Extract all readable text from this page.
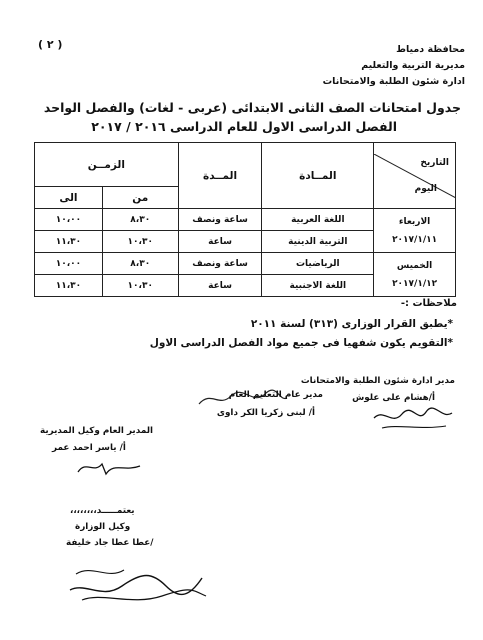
( ٢ )	محافظة دمياط
مديرية التربية والتعليم
ادارة شئون الطلبة والامتحانات
جدول امتحانات الصف الثانى الابتدائى (عربى - لغات) والفصل الواحد
الفصل الدراسى الاول للعام الدراسى ٢٠١٦ / ٢٠١٧
التاريخ
اليوم	المــادة	المــدة	الزمــن	
			من	الى

الاربعاء
٢٠١٧/١/١١	اللغة العربية	ساعة ونصف	٨،٣٠	١٠،٠٠
	التربية الدينية	ساعة	١٠،٣٠	١١،٣٠

الخميس
٢٠١٧/١/١٢	الرياضيات	ساعة ونصف	٨،٣٠	١٠،٠٠
	اللغة الاجنبية	ساعة	١٠،٣٠	١١،٣٠
ملاحظات :-
*يطبق القرار الوزارى (٣١٣) لسنة ٢٠١١
*التقويم يكون شفهيا فى جميع مواد الفصل الدراسى الاول
مدير ادارة شئون الطلبة والامتحانات
أ/هشام على علوش
مدير عام التعليم العام
أ/ لبنى زكريا الكر داوى
المدير العام وكيل المديرية
أ/ ياسر احمد عمر
يعتمـــــد،،،،،،،،
وكيل الوزارة
/عطا عطا جاد خليفة
